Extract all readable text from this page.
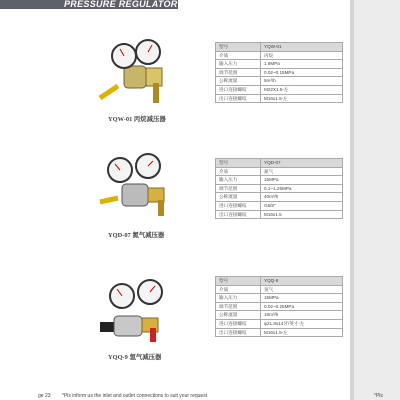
PRESSURE REGULATOR
YQW-01 丙烷减压器
型号	YQW-01
介质	丙烷
输入压力	1.6MPa
调节范围	0.02~0.15MPa
公称流量	5m³/h
进口连接螺纹	M22X1.5-左
出口连接螺纹	M16x1.5-左
YQD-07 氮气减压器
型号	YQD-07
介质	氮气
输入压力	15MPa
调节范围	0.1~1.25MPa
公称流量	40m³/h
进口连接螺纹	G5/8"
出口连接螺纹	M16x1.5
YQQ-9 氢气减压器
型号	YQQ-9
介质	氢气
输入压力	15MPa
调节范围	0.02~0.25MPa
公称流量	16m³/h
进口连接螺纹	φ21.8x14牙/英寸-左
出口连接螺纹	M16x1.5-左
ge 23 *Pls inform us the inlet and outlet connections to suit your request	*Pls
